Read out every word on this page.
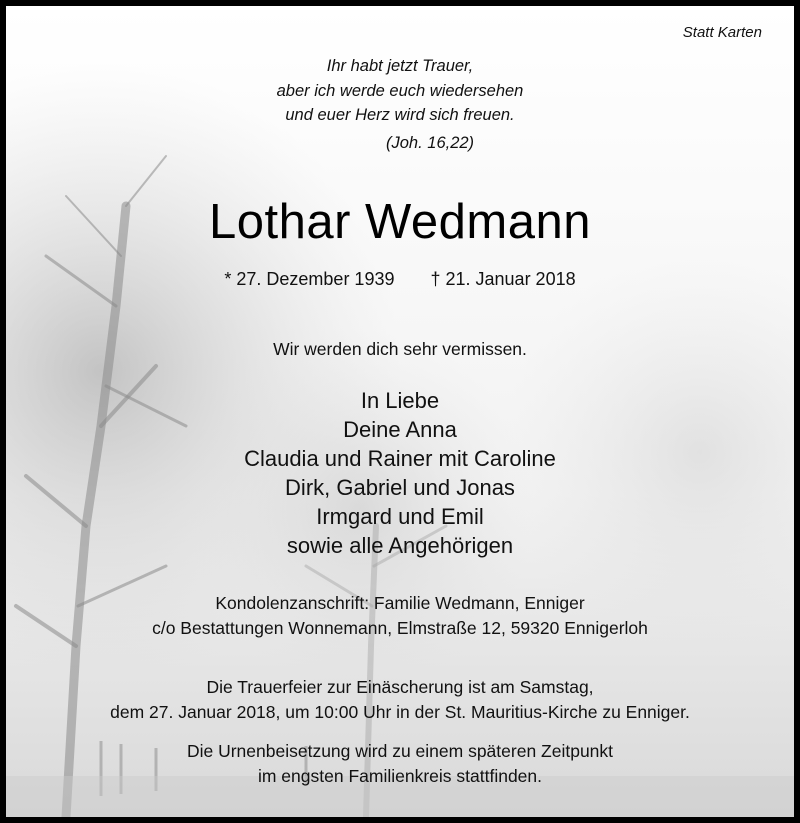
Statt Karten
Ihr habt jetzt Trauer,
aber ich werde euch wiedersehen
und euer Herz wird sich freuen.
(Joh. 16,22)
Lothar Wedmann
* 27. Dezember 1939 † 21. Januar 2018
Wir werden dich sehr vermissen.
In Liebe
Deine Anna
Claudia und Rainer mit Caroline
Dirk, Gabriel und Jonas
Irmgard und Emil
sowie alle Angehörigen
Kondolenzanschrift: Familie Wedmann, Enniger
c/o Bestattungen Wonnemann, Elmstraße 12, 59320 Ennigerloh
Die Trauerfeier zur Einäscherung ist am Samstag,
dem 27. Januar 2018, um 10:00 Uhr in der St. Mauritius-Kirche zu Enniger.
Die Urnenbeisetzung wird zu einem späteren Zeitpunkt
im engsten Familienkreis stattfinden.
